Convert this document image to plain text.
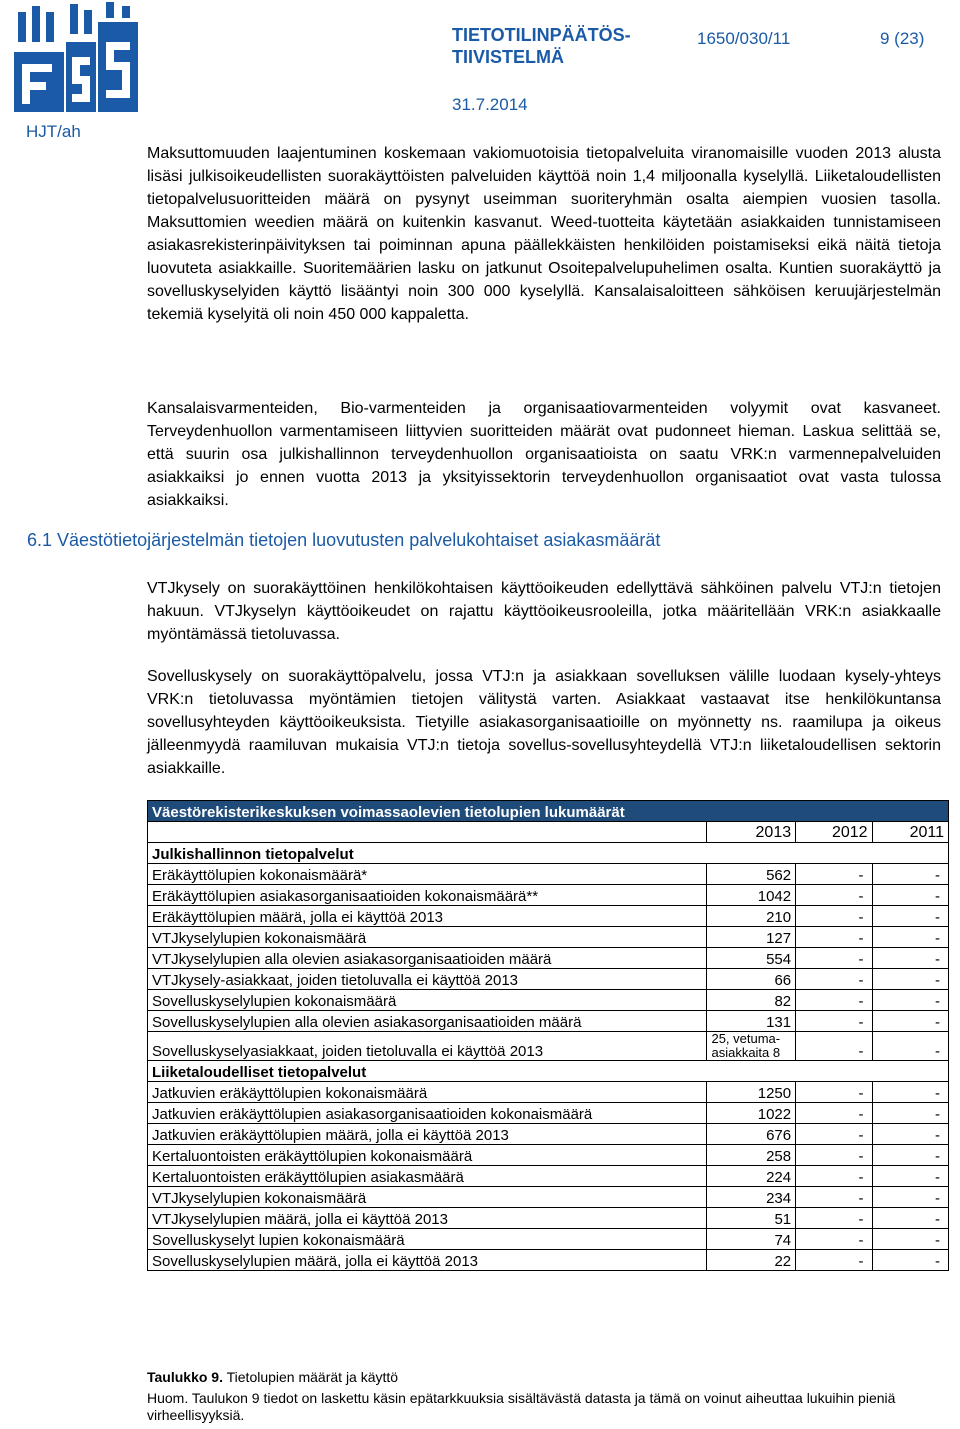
TIETOTILINPÄÄTÖS-TIIVISTELMÄ
1650/030/11	9 (23)
31.7.2014
HJT/ah

Maksuttomuuden laajentuminen koskemaan vakiomuotoisia tietopalveluita viranomaisille vuoden 2013 alusta lisäsi julkisoikeudellisten suorakäyttöisten palveluiden käyttöä noin 1,4 miljoonalla kyselyllä. Liiketaloudellisten tietopalvelusuoritteiden määrä on pysynyt useimman suoriteryhmän osalta aiempien vuosien tasolla. Maksuttomien weedien määrä on kuitenkin kasvanut. Weed-tuotteita käytetään asiakkaiden tunnistamiseen asiakasrekisterinpäivityksen tai poiminnan apuna päällekkäisten henkilöiden poistamiseksi eikä näitä tietoja luovuteta asiakkaille. Suoritemäärien lasku on jatkunut Osoitepalvelupuhelimen osalta. Kuntien suorakäyttö ja sovelluskyselyiden käyttö lisääntyi noin 300 000 kyselyllä. Kansalaisaloitteen sähköisen keruujärjestelmän tekemiä kyselyitä oli noin 450 000 kappaletta.

Kansalaisvarmenteiden, Bio-varmenteiden ja organisaatiovarmenteiden volyymit ovat kasvaneet. Terveydenhuollon varmentamiseen liittyvien suoritteiden määrät ovat pudonneet hieman. Laskua selittää se, että suurin osa julkishallinnon terveydenhuollon organisaatioista on saatu VRK:n varmennepalveluiden asiakkaiksi jo ennen vuotta 2013 ja yksityissektorin terveydenhuollon organisaatiot ovat vasta tulossa asiakkaiksi.

6.1 Väestötietojärjestelmän tietojen luovutusten palvelukohtaiset asiakasmäärät

VTJkysely on suorakäyttöinen henkilökohtaisen käyttöoikeuden edellyttävä sähköinen palvelu VTJ:n tietojen hakuun. VTJkyselyn käyttöoikeudet on rajattu käyttöoikeusrooleilla, jotka määritellään VRK:n asiakkaalle myöntämässä tietoluvassa.

Sovelluskysely on suorakäyttöpalvelu, jossa VTJ:n ja asiakkaan sovelluksen välille luodaan kysely-yhteys VRK:n tietoluvassa myöntämien tietojen välitystä varten. Asiakkaat vastaavat itse henkilökuntansa sovellusyhteyden käyttöoikeuksista. Tietyille asiakasorganisaatioille on myönnetty ns. raamilupa ja oikeus jälleenmyydä raamiluvan mukaisia VTJ:n tietoja sovellus-sovellusyhteydellä VTJ:n liiketaloudellisen sektorin asiakkaille.

Väestörekisterikeskuksen voimassaolevien tietolupien lukumäärät			
	2013	2012	2011
Julkishallinnon tietopalvelut			
Eräkäyttölupien kokonaismäärä*	562	-	-
Eräkäyttölupien asiakasorganisaatioiden kokonaismäärä**	1042	-	-
Eräkäyttölupien määrä, jolla ei käyttöä 2013	210	-	-
VTJkyselylupien kokonaismäärä	127	-	-
VTJkyselylupien alla olevien asiakasorganisaatioiden määrä	554	-	-
VTJkysely-asiakkaat, joiden tietoluvalla ei käyttöä 2013	66	-	-
Sovelluskyselylupien kokonaismäärä	82	-	-
Sovelluskyselylupien alla olevien asiakasorganisaatioiden määrä	131	-	-
Sovelluskyselyasiakkaat, joiden tietoluvalla ei käyttöä 2013	25, vetuma-asiakkaita 8	-	-
Liiketaloudelliset tietopalvelut			
Jatkuvien eräkäyttölupien kokonaismäärä	1250	-	-
Jatkuvien eräkäyttölupien asiakasorganisaatioiden kokonaismäärä	1022	-	-
Jatkuvien eräkäyttölupien määrä, jolla ei käyttöä 2013	676	-	-
Kertaluontoisten eräkäyttölupien kokonaismäärä	258	-	-
Kertaluontoisten eräkäyttölupien asiakasmäärä	224	-	-
VTJkyselylupien kokonaismäärä	234	-	-
VTJkyselylupien määrä, jolla ei käyttöä 2013	51	-	-
Sovelluskyselyt lupien kokonaismäärä	74	-	-
Sovelluskyselylupien määrä, jolla ei käyttöä 2013	22	-	-

Taulukko 9. Tietolupien määrät ja käyttö

Huom. Taulukon 9 tiedot on laskettu käsin epätarkkuuksia sisältävästä datasta ja tämä on voinut aiheuttaa lukuihin pieniä virheellisyyksiä.
